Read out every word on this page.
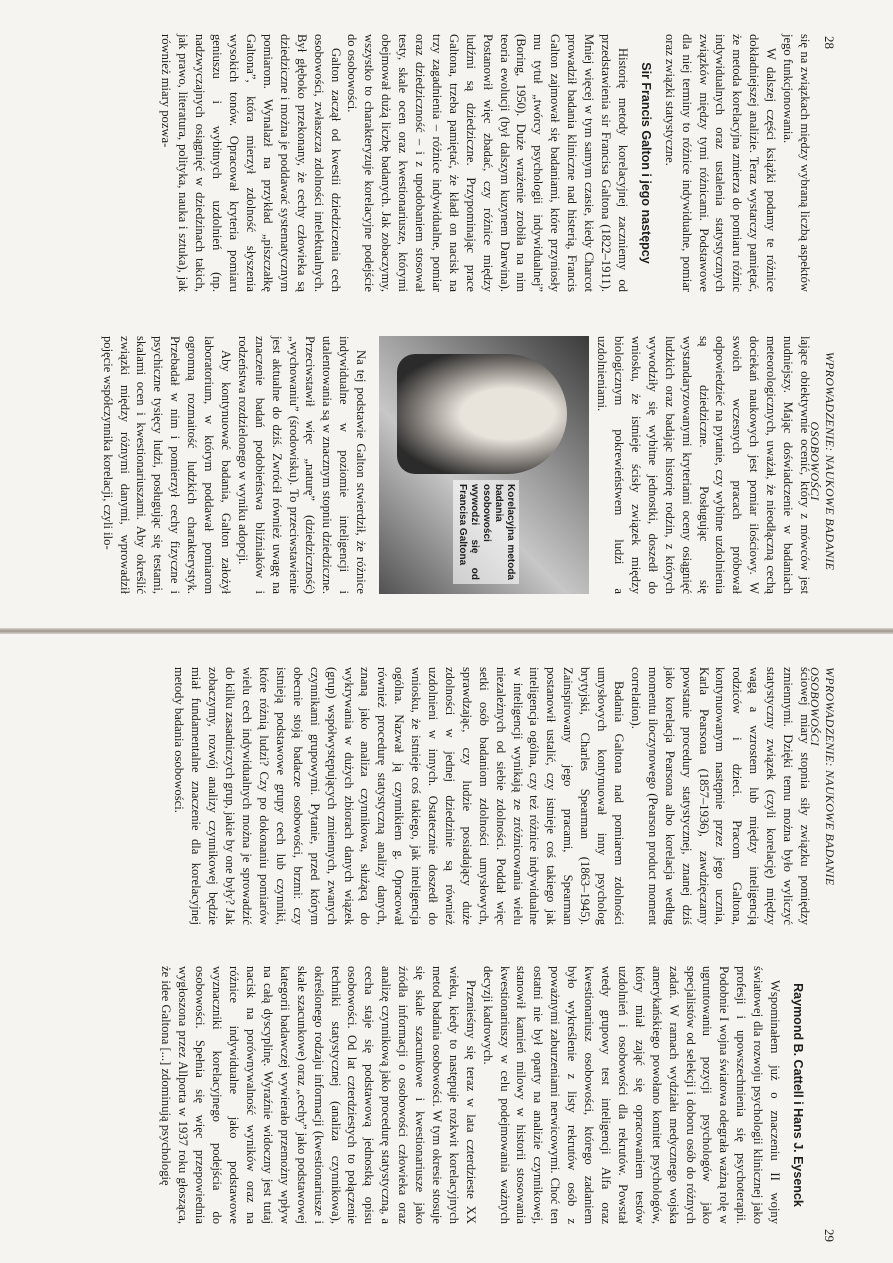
28
WPROWADZENIE: NAUKOWE BADANIE OSOBOWOŚCI

się na związkach między wybraną liczbą aspektów jego funkcjonowania.

W dalszej części książki podamy te różnice dokładniejszej analizie. Teraz wystarczy pamiętać, że metoda korelacyjna zmierza do pomiaru różnic indywidualnych oraz ustalenia statystycznych związków między tymi różnicami. Podstawowe dla niej terminy to różnice indywidualne, pomiar oraz związki statystyczne.

Sir Francis Galton i jego następcy

Historię metody korelacyjnej zaczniemy od przedstawienia sir Francisa Galtona (1822–1911). Mniej więcej w tym samym czasie, kiedy Charcot prowadził badania kliniczne nad histerią, Francis Galton zajmował się badaniami, które przyniosły mu tytuł „twórcy psychologii indywidualnej” (Boring, 1950). Duże wrażenie zrobiła na nim teoria ewolucji (był dalszym kuzynem Darwina). Postanowił więc zbadać, czy różnice między ludźmi są dziedziczne. Przypominając prace Galtona, trzeba pamiętać, że kładł on nacisk na trzy zagadnienia – różnice indywidualne, pomiar oraz dziedziczność – i z upodobaniem stosował testy, skale ocen oraz kwestionariusze, którymi obejmował dużą liczbę badanych. Jak zobaczymy, wszystko to charakteryzuje korelacyjne podejście do osobowości.

Galton zaczął od kwestii dziedziczenia cech osobowości, zwłaszcza zdolności intelektualnych. Był głęboko przekonany, że cechy człowieka są dziedziczne i można je poddawać systematycznym pomiarom. Wynalazł na przykład „piszczałkę Galtona”, która mierzył zdolność słyszenia wysokich tonów. Opracował kryteria pomiaru geniuszu i wybitnych uzdolnień (np. nadzwyczajnych osiągnięć w dziedzinach takich, jak prawo, literatura, polityka, nauka i sztuka), jak również miary pozwa-

lające obiektywnie ocenić, który z mówców jest nudniejszy. Mając doświadczenie w badaniach meteorologicznych, uważał, że nieodłączną cechą dociekań naukowych jest pomiar ilościowy. W swoich wczesnych pracach próbował odpowiedzieć na pytanie, czy wybitne uzdolnienia są dziedziczne. Posługując się wystandaryzowanymi kryteriami oceny osiągnięć ludzkich oraz badając historię rodzin, z których wywodziły się wybitne jednostki, doszedł do wniosku, że istnieje ścisły związek między biologicznym pokrewieństwem ludzi a uzdolnieniami.

Korelacyjna metoda badania osobowości wywodzi się od Francisa Galtona

Na tej podstawie Galton stwierdził, że różnice indywidualne w poziomie inteligencji i utalentowania są w znacznym stopniu dziedziczne. Przeciwstawił więc „naturę” (dziedziczność) „wychowaniu” (środowisku). To przeciwstawienie jest aktualne do dziś. Zwrócił również uwagę na znaczenie badań podobieństwa bliźniaków i rodzeństwa rozdzielonego w wyniku adopcji.

Aby kontynuować badania, Galton założył laboratorium, w którym poddawał pomiarom ogromną rozmaitość ludzkich charakterystyk. Przebadał w nim i pomierzył cechy fizyczne i psychiczne tysięcy ludzi, posługując się testami, skalami ocen i kwestionariuszami. Aby określić związki między różnymi danymi, wprowadził pojęcie współczynnika korelacji, czyli ilo-

WPROWADZENIE: NAUKOWE BADANIE OSOBOWOŚCI
29

ściowej miary stopnia siły związku pomiędzy zmiennymi. Dzięki temu można było wyliczyć statystyczny związek (czyli korelację) między wagą a wzrostem lub między inteligencją rodziców i dzieci. Pracom Galtona, kontynuowanym następnie przez jego ucznia, Karla Pearsona (1857–1936), zawdzięczamy powstanie procedury statystycznej, znanej dziś jako korelacja Pearsona albo korelacja według momentu iloczynowego (Pearson product moment correlation).

Badania Galtona nad pomiarem zdolności umysłowych kontynuował inny psycholog brytyjski, Charles Spearman (1863–1945). Zainspirowany jego pracami, Spearman postanowił ustalić, czy istnieje coś takiego jak inteligencja ogólna, czy też różnice indywidualne w inteligencji wynikają ze zróżnicowania wielu niezależnych od siebie zdolności. Poddał więc setki osób badaniom zdolności umysłowych, sprawdzając, czy ludzie posiadający duże zdolności w jednej dziedzinie są również uzdolnieni w innych. Ostatecznie doszedł do wniosku, że istnieje coś takiego, jak inteligencja ogólna. Nazwał ją czynnikiem g. Opracował również procedurę statystyczną analizy danych, znaną jako analiza czynnikowa, służącą do wykrywania w dużych zbiorach danych wiązek (grup) współwystępujących zmiennych, zwanych czynnikami grupowymi. Pytanie, przed którym obecnie stoją badacze osobowości, brzmi: czy istnieją podstawowe grupy cech lub czynniki, które różnią ludzi? Czy po dokonaniu pomiarów wielu cech indywidualnych można je sprowadzić do kilku zasadniczych grup, jakie by one były? Jak zobaczymy, rozwój analizy czynnikowej będzie miał fundamentalne znaczenie dla korelacyjnej metody badania osobowości.

Raymond B. Cattell i Hans J. Eysenck

Wspominałem już o znaczeniu II wojny światowej dla rozwoju psychologii klinicznej jako profesji i upowszechnienia się psychoterapii. Podobnie I wojna światowa odegrała ważną rolę w ugruntowaniu pozycji psychologów jako specjalistów od selekcji i doboru osób do różnych zadań. W ramach wydziału medycznego wojska amerykańskiego powołano komitet psychologów, który miał zająć się opracowaniem testów uzdolnień i osobowości dla rekrutów. Powstał wtedy grupowy test inteligencji Alfa oraz kwestionariusz osobowości, którego zadaniem było wykreślenie z listy rekrutów osób z poważnymi zaburzeniami nerwicowymi. Choć ten ostatni nie był oparty na analizie czynnikowej, stanowił kamień milowy w historii stosowania kwestionariuszy w celu podejmowania ważnych decyzji kadrowych.

Przenieśmy się teraz w lata czterdzieste XX wieku, kiedy to następuje rozkwit korelacyjnych metod badania osobowości. W tym okresie stosuje się skale szacunkowe i kwestionariusze jako źródła informacji o osobowości człowieka oraz analizę czynnikową jako procedurę statystyczną, a cecha staje się podstawową jednostką opisu osobowości. Od lat czterdziestych to połączenie techniki statystycznej (analiza czynnikowa), określonego rodzaju informacji (kwestionariusze i skale szacunkowe) oraz „cechy” jako podstawowej kategorii badawczej wywierało przemożny wpływ na całą dyscyplinę. Wyraźnie widoczny jest tutaj nacisk na porównywalność wyników oraz na różnice indywidualne jako podstawowe wyznaczniki korelacyjnego podejścia do osobowości. Spełnia się więc przepowiednia wygłoszona przez Allporta w 1937 roku głosząca, że idee Galtona [...] zdominują psychologię
